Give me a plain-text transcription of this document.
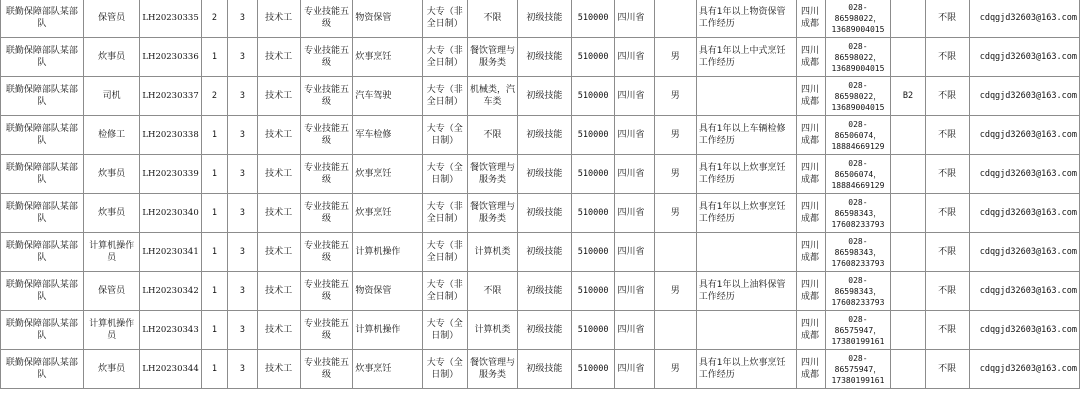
联勤保障部队某部队	保管员	LH20230335	2	3	技术工	专业技能五级	物资保管	大专（非全日制）	不限	初级技能	510000	四川省		具有1年以上物资保管工作经历	四川成都	028-86598022，13689004015		不限	cdqgjd32603@163.com
联勤保障部队某部队	炊事员	LH20230336	1	3	技术工	专业技能五级	炊事烹饪	大专（非全日制）	餐饮管理与服务类	初级技能	510000	四川省	男	具有1年以上中式烹饪工作经历	四川成都	028-86598022，13689004015		不限	cdqgjd32603@163.com
联勤保障部队某部队	司机	LH20230337	2	3	技术工	专业技能五级	汽车驾驶	大专（非全日制）	机械类，汽车类	初级技能	510000	四川省	男		四川成都	028-86598022，13689004015	B2	不限	cdqgjd32603@163.com
联勤保障部队某部队	检修工	LH20230338	1	3	技术工	专业技能五级	军车检修	大专（全日制）	不限	初级技能	510000	四川省	男	具有1年以上车辆检修工作经历	四川成都	028-86506074，18884669129		不限	cdqgjd32603@163.com
联勤保障部队某部队	炊事员	LH20230339	1	3	技术工	专业技能五级	炊事烹饪	大专（全日制）	餐饮管理与服务类	初级技能	510000	四川省	男	具有1年以上炊事烹饪工作经历	四川成都	028-86506074，18884669129		不限	cdqgjd32603@163.com
联勤保障部队某部队	炊事员	LH20230340	1	3	技术工	专业技能五级	炊事烹饪	大专（非全日制）	餐饮管理与服务类	初级技能	510000	四川省	男	具有1年以上炊事烹饪工作经历	四川成都	028-86598343，17608233793		不限	cdqgjd32603@163.com
联勤保障部队某部队	计算机操作员	LH20230341	1	3	技术工	专业技能五级	计算机操作	大专（非全日制）	计算机类	初级技能	510000	四川省			四川成都	028-86598343，17608233793		不限	cdqgjd32603@163.com
联勤保障部队某部队	保管员	LH20230342	1	3	技术工	专业技能五级	物资保管	大专（非全日制）	不限	初级技能	510000	四川省	男	具有1年以上油料保管工作经历	四川成都	028-86598343，17608233793		不限	cdqgjd32603@163.com
联勤保障部队某部队	计算机操作员	LH20230343	1	3	技术工	专业技能五级	计算机操作	大专（全日制）	计算机类	初级技能	510000	四川省			四川成都	028-86575947，17380199161		不限	cdqgjd32603@163.com
联勤保障部队某部队	炊事员	LH20230344	1	3	技术工	专业技能五级	炊事烹饪	大专（全日制）	餐饮管理与服务类	初级技能	510000	四川省	男	具有1年以上炊事烹饪工作经历	四川成都	028-86575947，17380199161		不限	cdqgjd32603@163.com
